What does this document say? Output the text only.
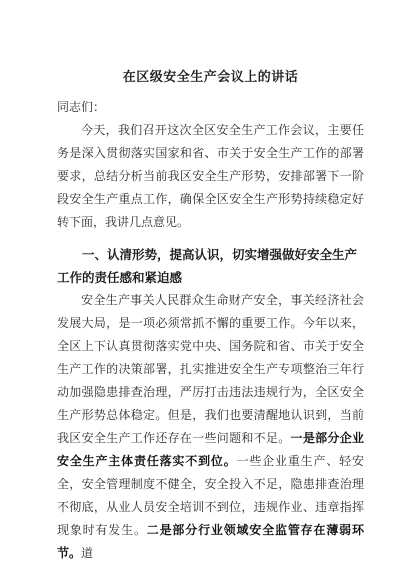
在区级安全生产会议上的讲话

同志们：

今天，我们召开这次全区安全生产工作会议，主要任务是深入贯彻落实国家和省、市关于安全生产工作的部署要求，总结分析当前我区安全生产形势，安排部署下一阶段安全生产重点工作，确保全区安全生产形势持续稳定好转下面，我讲几点意见。

一、认清形势，提高认识，切实增强做好安全生产工作的责任感和紧迫感

安全生产事关人民群众生命财产安全，事关经济社会发展大局，是一项必须常抓不懈的重要工作。今年以来，全区上下认真贯彻落实党中央、国务院和省、市关于安全生产工作的决策部署，扎实推进安全生产专项整治三年行动加强隐患排查治理，严厉打击违法违规行为，全区安全生产形势总体稳定。但是，我们也要清醒地认识到，当前我区安全生产工作还存在一些问题和不足。一是部分企业安全生产主体责任落实不到位。一些企业重生产、轻安全，安全管理制度不健全，安全投入不足，隐患排查治理不彻底，从业人员安全培训不到位，违规作业、违章指挥现象时有发生。二是部分行业领域安全监管存在薄弱环节。道
